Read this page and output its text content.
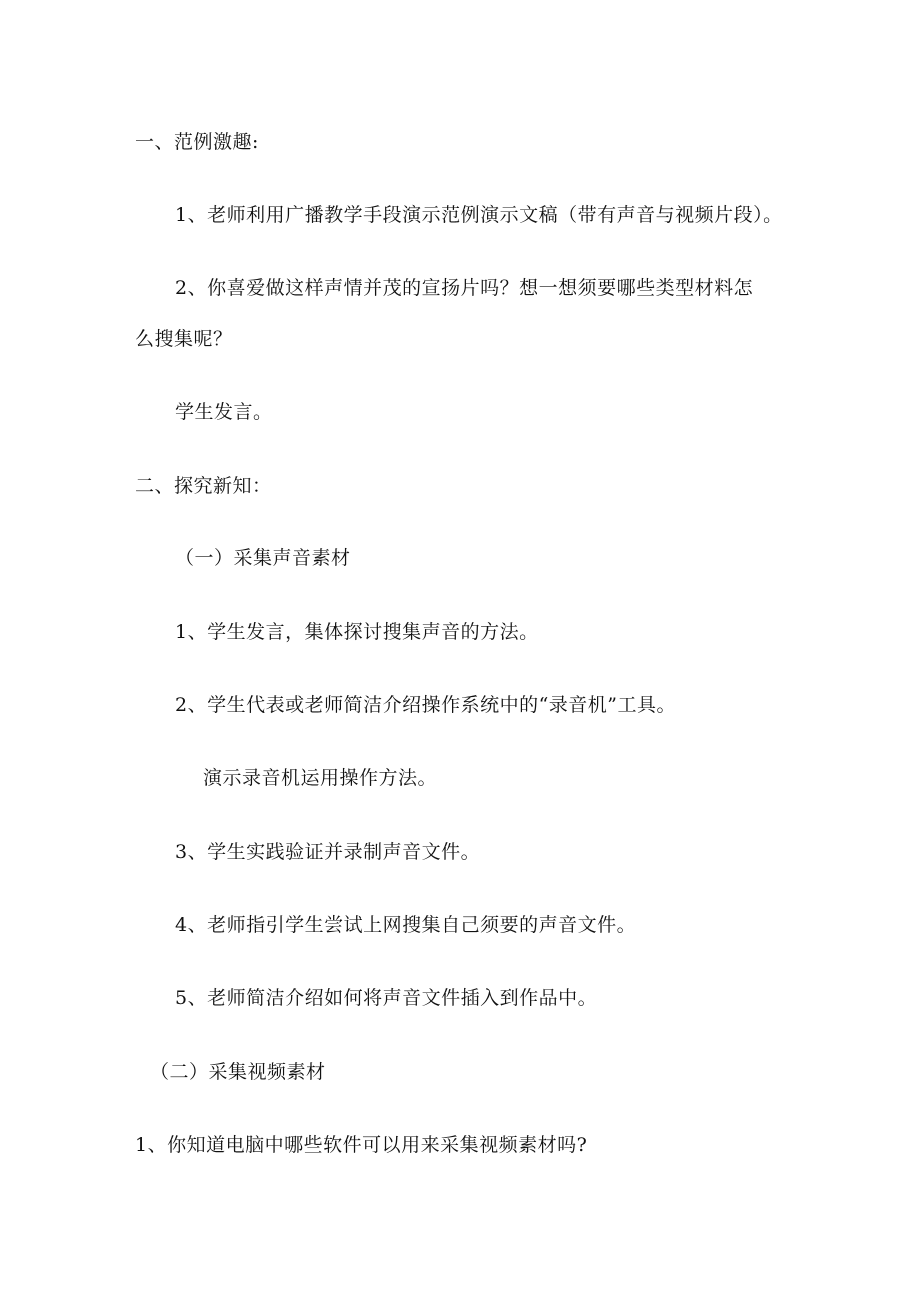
一、范例激趣:
1、老师利用广播教学手段演示范例演示文稿（带有声音与视频片段）。
2、你喜爱做这样声情并茂的宣扬片吗？想一想须要哪些类型材料怎
么搜集呢？
学生发言。
二、探究新知：
（一）采集声音素材
1、学生发言，集体探讨搜集声音的方法。
2、学生代表或老师简洁介绍操作系统中的“录音机”工具。
演示录音机运用操作方法。
3、学生实践验证并录制声音文件。
4、老师指引学生尝试上网搜集自己须要的声音文件。
5、老师简洁介绍如何将声音文件插入到作品中。
（二）采集视频素材
1、你知道电脑中哪些软件可以用来采集视频素材吗?
